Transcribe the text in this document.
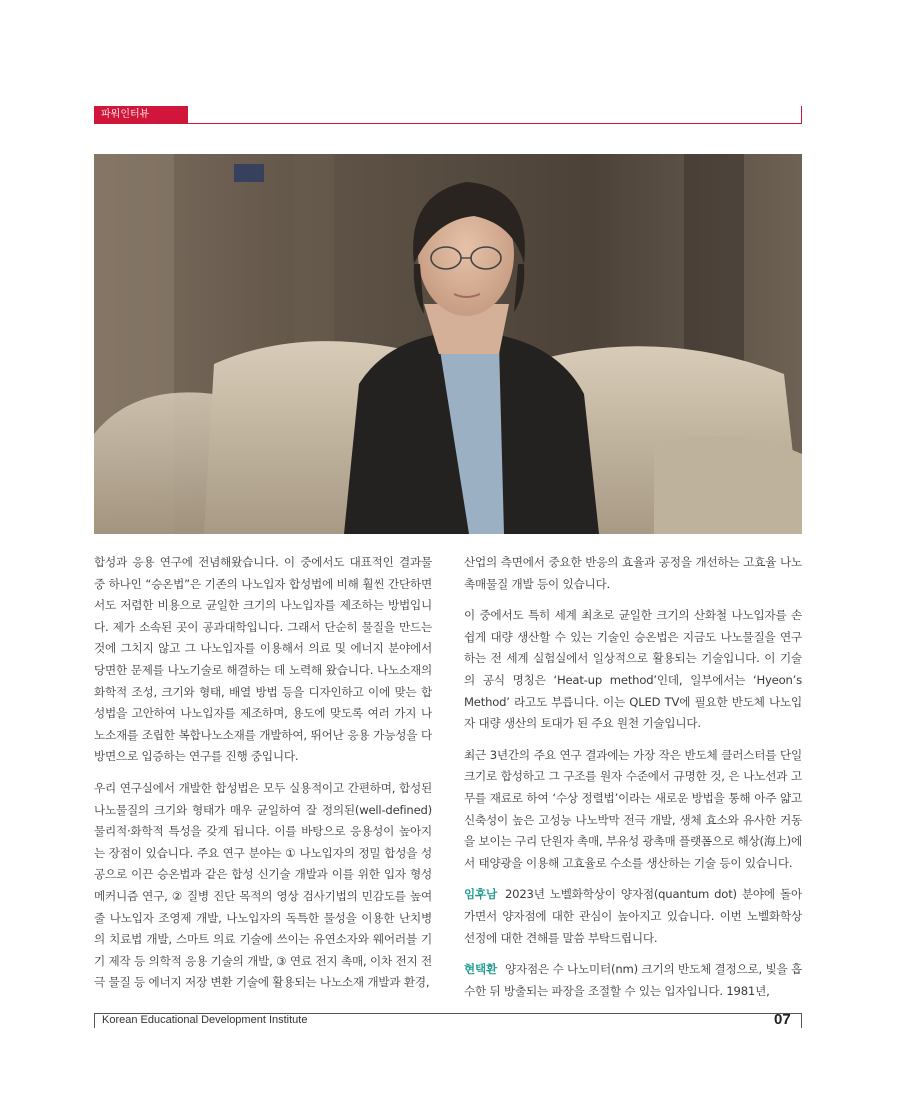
파워인터뷰

합성과 응용 연구에 전념해왔습니다. 이 중에서도 대표적인 결과물 중 하나인 “승온법”은 기존의 나노입자 합성법에 비해 훨씬 간단하면서도 저렴한 비용으로 균일한 크기의 나노입자를 제조하는 방법입니다. 제가 소속된 곳이 공과대학입니다. 그래서 단순히 물질을 만드는 것에 그치지 않고 그 나노입자를 이용해서 의료 및 에너지 분야에서 당면한 문제를 나노기술로 해결하는 데 노력해 왔습니다. 나노소재의 화학적 조성, 크기와 형태, 배열 방법 등을 디자인하고 이에 맞는 합성법을 고안하여 나노입자를 제조하며, 용도에 맞도록 여러 가지 나노소재를 조립한 복합나노소재를 개발하여, 뛰어난 응용 가능성을 다방면으로 입증하는 연구를 진행 중입니다.

우리 연구실에서 개발한 합성법은 모두 실용적이고 간편하며, 합성된 나노물질의 크기와 형태가 매우 균일하여 잘 정의된(well-defined) 물리적·화학적 특성을 갖게 됩니다. 이를 바탕으로 응용성이 높아지는 장점이 있습니다. 주요 연구 분야는 ① 나노입자의 정밀 합성을 성공으로 이끈 승온법과 같은 합성 신기술 개발과 이를 위한 입자 형성 메커니즘 연구, ② 질병 진단 목적의 영상 검사기법의 민감도를 높여줄 나노입자 조영제 개발, 나노입자의 독특한 물성을 이용한 난치병의 치료법 개발, 스마트 의료 기술에 쓰이는 유연소자와 웨어러블 기기 제작 등 의학적 응용 기술의 개발, ③ 연료 전지 촉매, 이차 전지 전극 물질 등 에너지 저장 변환 기술에 활용되는 나노소재 개발과 환경,

산업의 측면에서 중요한 반응의 효율과 공정을 개선하는 고효율 나노촉매물질 개발 등이 있습니다.

이 중에서도 특히 세계 최초로 균일한 크기의 산화철 나노입자를 손쉽게 대량 생산할 수 있는 기술인 승온법은 지금도 나노물질을 연구하는 전 세계 실험실에서 일상적으로 활용되는 기술입니다. 이 기술의 공식 명칭은 ‘Heat-up method’인데, 일부에서는 ‘Hyeon’s Method’ 라고도 부릅니다. 이는 QLED TV에 필요한 반도체 나노입자 대량 생산의 토대가 된 주요 원천 기술입니다.

최근 3년간의 주요 연구 결과에는 가장 작은 반도체 클러스터를 단일 크기로 합성하고 그 구조를 원자 수준에서 규명한 것, 은 나노선과 고무를 재료로 하여 ‘수상 정렬법’이라는 새로운 방법을 통해 아주 얇고 신축성이 높은 고성능 나노박막 전극 개발, 생체 효소와 유사한 거동을 보이는 구리 단원자 촉매, 부유성 광촉매 플랫폼으로 해상(海上)에서 태양광을 이용해 고효율로 수소를 생산하는 기술 등이 있습니다.

임후남 2023년 노벨화학상이 양자점(quantum dot) 분야에 돌아가면서 양자점에 대한 관심이 높아지고 있습니다. 이번 노벨화학상 선정에 대한 견해를 말씀 부탁드립니다.

현택환 양자점은 수 나노미터(nm) 크기의 반도체 결정으로, 빛을 흡수한 뒤 방출되는 파장을 조절할 수 있는 입자입니다. 1981년,

Korean Educational Development Institute	07
